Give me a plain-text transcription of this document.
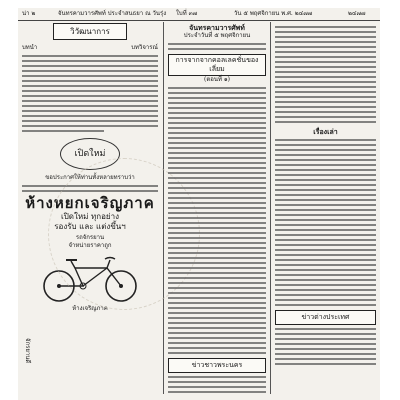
น่า ๒	จันทรคามวารศัพท์ ประจำสนธยา ณ วันรุ่ง ใบที่ ๓๗	วัน ๕ พฤศจิกายน พ.ศ. ๒๔๗๗	๒๔๗๗
วิวัฒนาการ
บทนำ	บทวิจารณ์
เปิดใหม่
ขอประกาศให้ท่านทั้งหลายทราบว่า
ห้างหยกเจริญภาค
เปิดใหม่ ทุกอย่าง
รองรับ และ แต่งขึ้นฯ
รถจักรยาน
จำหน่ายราคาถูก
ห้างเจริญภาค
จักรยานดี
จันทรคามวารศัพท์
ประจำวันที่ ๕ พฤศจิกายน
การจากจากคอลเลคชั่นของเลี่ยม
(ตอนที่ ๑)
ข่าวชาวพระนคร
เรื่องเล่า
ข่าวต่างประเทศ
